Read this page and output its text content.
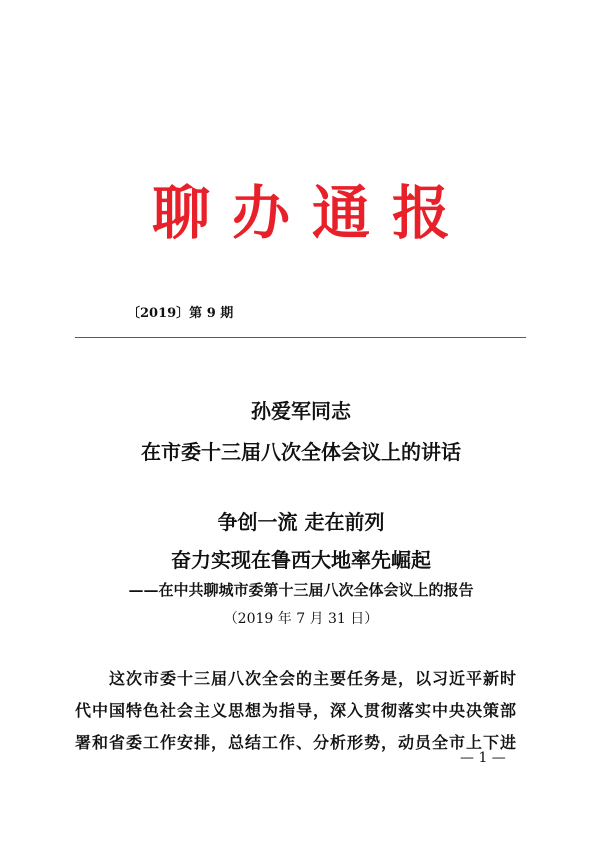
聊办通报
〔2019〕第 9 期
孙爱军同志
在市委十三届八次全体会议上的讲话
争创一流 走在前列
奋力实现在鲁西大地率先崛起
——在中共聊城市委第十三届八次全体会议上的报告
（2019 年 7 月 31 日）
　　这次市委十三届八次全会的主要任务是，以习近平新时
代中国特色社会主义思想为指导，深入贯彻落实中央决策部
署和省委工作安排，总结工作、分析形势，动员全市上下进
— 1 —
